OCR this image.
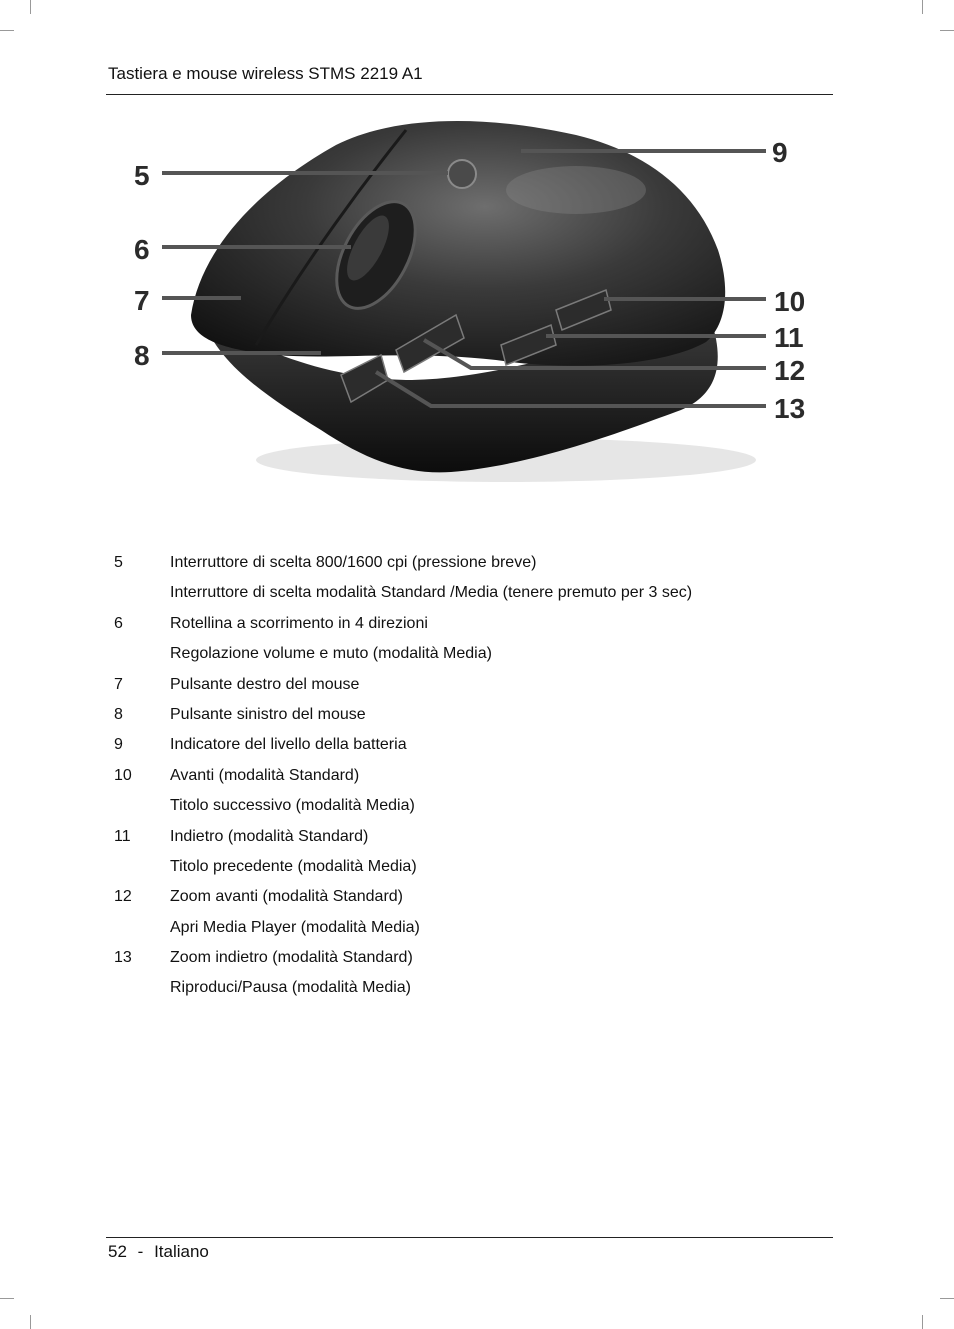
Tastiera e mouse wireless STMS 2219 A1
5
6
7
8
9
10
11
12
13
5	Interruttore di scelta 800/1600 cpi (pressione breve)
Interruttore di scelta modalità Standard /Media (tenere premuto per 3 sec)
6	Rotellina a scorrimento in 4 direzioni
Regolazione volume e muto (modalità Media)
7	Pulsante destro del mouse
8	Pulsante sinistro del mouse
9	Indicatore del livello della batteria
10 Avanti (modalità Standard)
Titolo successivo (modalità Media)
11 Indietro (modalità Standard)
Titolo precedente (modalità Media)
12 Zoom avanti (modalità Standard)
Apri Media Player (modalità Media)
13 Zoom indietro (modalità Standard)
Riproduci/Pausa (modalità Media)
52 - Italiano
